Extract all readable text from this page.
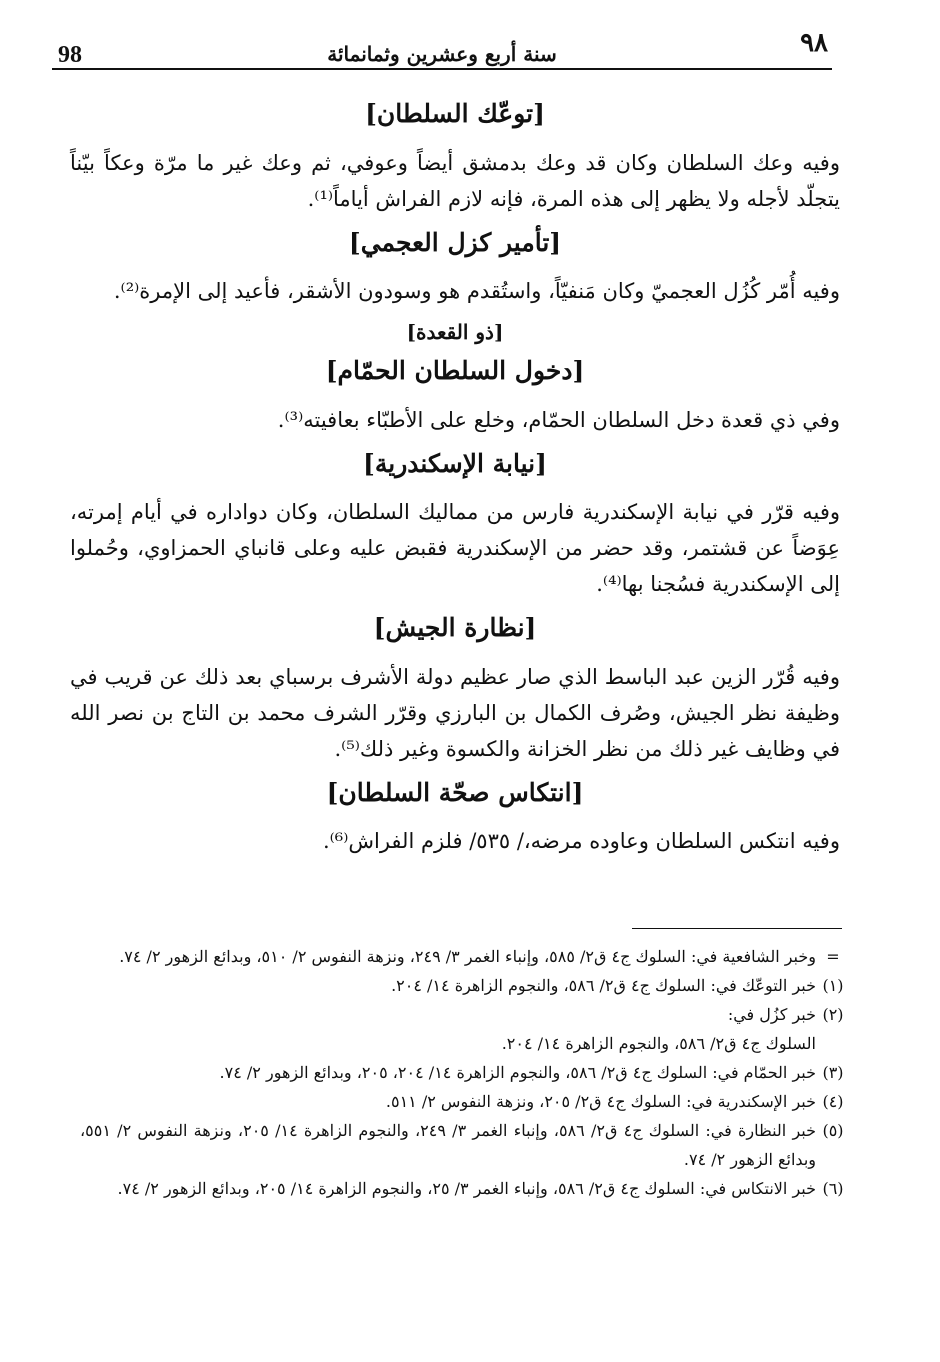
98	سنة أربع وعشرين وثمانمائة	٩٨
[توعّك السلطان]

وفيه وعك السلطان وكان قد وعك بدمشق أيضاً وعوفي، ثم وعك غير ما مرّة وعكاً بيّناً يتجلّد لأجله ولا يظهر إلى هذه المرة، فإنه لازم الفراش أياماً⁽¹⁾.

[تأمير كزل العجمي]

وفيه أُمّر كُزُل العجميّ وكان مَنفيّاً، واستُقدم هو وسودون الأشقر، فأعيد إلى الإمرة⁽²⁾.

[ذو القعدة]
[دخول السلطان الحمّام]

وفي ذي قعدة دخل السلطان الحمّام، وخلع على الأطبّاء بعافيته⁽³⁾.

[نيابة الإسكندرية]

وفيه قرّر في نيابة الإسكندرية فارس من مماليك السلطان، وكان دواداره في أيام إمرته، عِوَضاً عن قشتمر، وقد حضر من الإسكندرية فقبض عليه وعلى قانباي الحمزاوي، وحُملوا إلى الإسكندرية فسُجنا بها⁽⁴⁾.

[نظارة الجيش]

وفيه قُرّر الزين عبد الباسط الذي صار عظيم دولة الأشرف برسباي بعد ذلك عن قريب في وظيفة نظر الجيش، وصُرف الكمال بن البارزي وقرّر الشرف محمد بن التاج بن نصر الله في وظايف غير ذلك من نظر الخزانة والكسوة وغير ذلك⁽⁵⁾.

[انتكاس صحّة السلطان]

وفيه انتكس السلطان وعاوده مرضه،/ ٥٣٥/ فلزم الفراش⁽⁶⁾.

=
وخبر الشافعية في: السلوك ج٤ ق٢/ ٥٨٥، وإنباء الغمر ٣/ ٢٤٩، ونزهة النفوس ٢/ ٥١٠، وبدائع الزهور ٢/ ٧٤.
(١)
خبر التوعّك في: السلوك ج٤ ق٢/ ٥٨٦، والنجوم الزاهرة ١٤/ ٢٠٤.
(٢)
خبر كزُل في:
السلوك ج٤ ق٢/ ٥٨٦، والنجوم الزاهرة ١٤/ ٢٠٤.
(٣)
خبر الحمّام في: السلوك ج٤ ق٢/ ٥٨٦، والنجوم الزاهرة ١٤/ ٢٠٤، ٢٠٥، وبدائع الزهور ٢/ ٧٤.
(٤)
خبر الإسكندرية في: السلوك ج٤ ق٢/ ٢٠٥، ونزهة النفوس ٢/ ٥١١.
(٥)
خبر النظارة في: السلوك ج٤ ق٢/ ٥٨٦، وإنباء الغمر ٣/ ٢٤٩، والنجوم الزاهرة ١٤/ ٢٠٥، ونزهة النفوس ٢/ ٥٥١، وبدائع الزهور ٢/ ٧٤.
(٦)
خبر الانتكاس في: السلوك ج٤ ق٢/ ٥٨٦، وإنباء الغمر ٣/ ٢٥، والنجوم الزاهرة ١٤/ ٢٠٥، وبدائع الزهور ٢/ ٧٤.
